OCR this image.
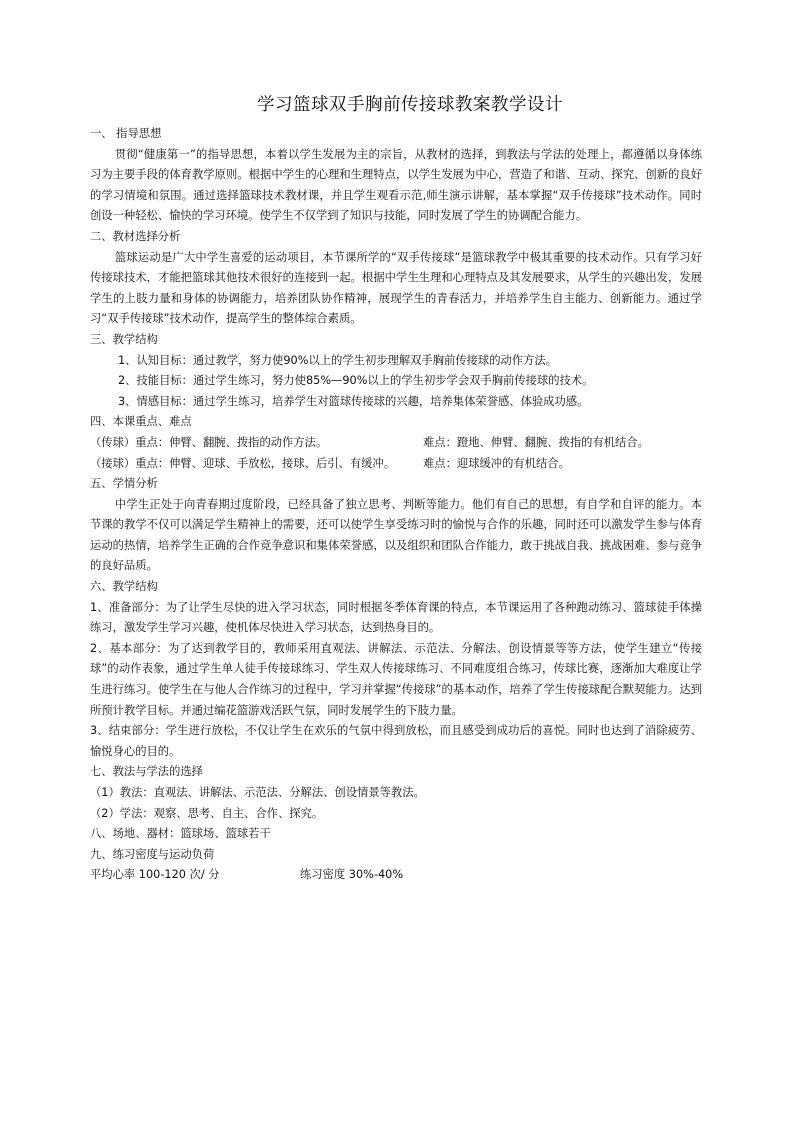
学习篮球双手胸前传接球教案教学设计
一、 指导思想
贯彻“健康第一”的指导思想，本着以学生发展为主的宗旨，从教材的选择，到教法与学法的处理上，都遵循以身体练习为主要手段的体育教学原则。根据中学生的心理和生理特点，以学生发展为中心，营造了和谐、互动、探究、创新的良好的学习情境和氛围。通过选择篮球技术教材课，并且学生观看示范,师生演示讲解，基本掌握“双手传接球”技术动作。同时创设一种轻松、愉快的学习环境。使学生不仅学到了知识与技能，同时发展了学生的协调配合能力。
二、教材选择分析
篮球运动是广大中学生喜爱的运动项目，本节课所学的“双手传接球”是篮球教学中极其重要的技术动作。只有学习好传接球技术，才能把篮球其他技术很好的连接到一起。根据中学生生理和心理特点及其发展要求，从学生的兴趣出发，发展学生的上肢力量和身体的协调能力，培养团队协作精神，展现学生的青春活力，并培养学生自主能力、创新能力。通过学习“双手传接球”技术动作，提高学生的整体综合素质。
三、教学结构
1、认知目标：通过教学，努力使90%以上的学生初步理解双手胸前传接球的动作方法。
2、技能目标：通过学生练习，努力使85%—90%以上的学生初步学会双手胸前传接球的技术。
3、情感目标：通过学生练习，培养学生对篮球传接球的兴趣，培养集体荣誉感、体验成功感。
四、本课重点、难点
（传球）重点：伸臂、翻腕、拨指的动作方法。	难点：蹬地、伸臂、翻腕、拨指的有机结合。
（接球）重点：伸臂、迎球、手放松，接球、后引、有缓冲。	难点：迎球缓冲的有机结合。
五、学情分析
中学生正处于向青春期过度阶段，已经具备了独立思考、判断等能力。他们有自己的思想，有自学和自评的能力。本节课的教学不仅可以满足学生精神上的需要，还可以使学生享受练习时的愉悦与合作的乐趣，同时还可以激发学生参与体育运动的热情，培养学生正确的合作竞争意识和集体荣誉感，以及组织和团队合作能力，敢于挑战自我、挑战困难、参与竞争的良好品质。
六、教学结构
1、准备部分：为了让学生尽快的进入学习状态，同时根据冬季体育课的特点，本节课运用了各种跑动练习、篮球徒手体操练习，激发学生学习兴趣，使机体尽快进入学习状态，达到热身目的。
2、基本部分：为了达到教学目的，教师采用直观法、讲解法、示范法、分解法、创设情景等等方法，使学生建立“传接球”的动作表象，通过学生单人徒手传接球练习、学生双人传接球练习、不同难度组合练习，传球比赛，逐渐加大难度让学生进行练习。使学生在与他人合作练习的过程中，学习并掌握“传接球”的基本动作，培养了学生传接球配合默契能力。达到所预计教学目标。并通过编花篮游戏活跃气氛，同时发展学生的下肢力量。
3、结束部分：学生进行放松，不仅让学生在欢乐的气氛中得到放松，而且感受到成功后的喜悦。同时也达到了消除疲劳、愉悦身心的目的。
七、教法与学法的选择
（1）教法：直观法、讲解法、示范法、分解法、创设情景等教法。
（2）学法：观察、思考、自主、合作、探究。
八、场地、器材：篮球场、篮球若干
九、练习密度与运动负荷
平均心率 100-120 次/ 分	练习密度 30%-40%
